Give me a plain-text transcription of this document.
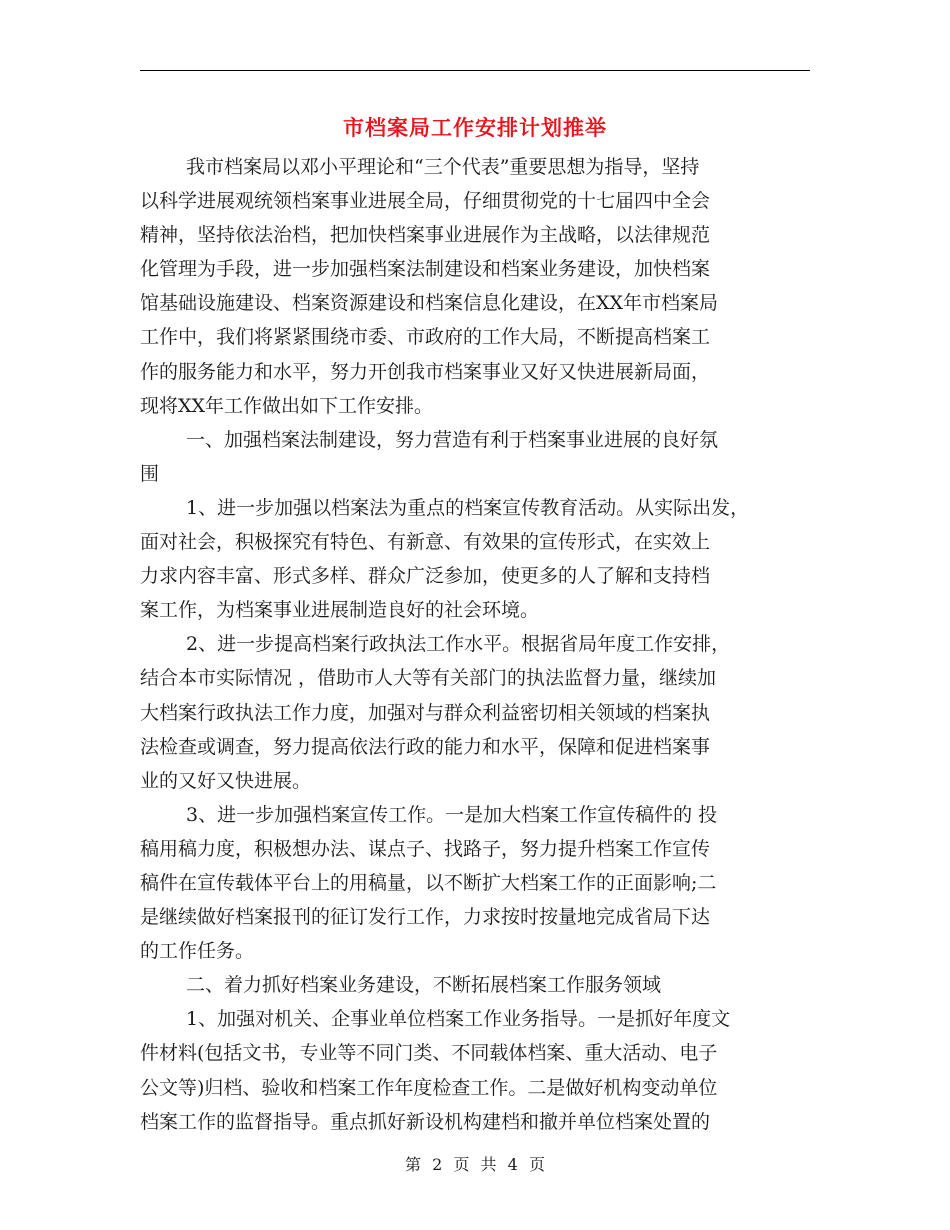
市档案局工作安排计划推举
我市档案局以邓小平理论和“三个代表”重要思想为指导，坚持
以科学进展观统领档案事业进展全局，仔细贯彻党的十七届四中全会
精神，坚持依法治档，把加快档案事业进展作为主战略，以法律规范
化管理为手段，进一步加强档案法制建设和档案业务建设，加快档案
馆基础设施建设、档案资源建设和档案信息化建设，在XX年市档案局
工作中，我们将紧紧围绕市委、市政府的工作大局，不断提高档案工
作的服务能力和水平，努力开创我市档案事业又好又快进展新局面，
现将XX年工作做出如下工作安排。
一、加强档案法制建设，努力营造有利于档案事业进展的良好氛
围
1、进一步加强以档案法为重点的档案宣传教育活动。从实际出发，
面对社会，积极探究有特色、有新意、有效果的宣传形式，在实效上
力求内容丰富、形式多样、群众广泛参加，使更多的人了解和支持档
案工作，为档案事业进展制造良好的社会环境。
2、进一步提高档案行政执法工作水平。根据省局年度工作安排，
结合本市实际情况 ，借助市人大等有关部门的执法监督力量，继续加
大档案行政执法工作力度，加强对与群众利益密切相关领域的档案执
法检查或调查，努力提高依法行政的能力和水平，保障和促进档案事
业的又好又快进展。
3、进一步加强档案宣传工作。一是加大档案工作宣传稿件的 投
稿用稿力度，积极想办法、谋点子、找路子，努力提升档案工作宣传
稿件在宣传载体平台上的用稿量，以不断扩大档案工作的正面影响;二
是继续做好档案报刊的征订发行工作，力求按时按量地完成省局下达
的工作任务。
二、着力抓好档案业务建设，不断拓展档案工作服务领域
1、加强对机关、企事业单位档案工作业务指导。一是抓好年度文
件材料(包括文书，专业等不同门类、不同载体档案、重大活动、电子
公文等)归档、验收和档案工作年度检查工作。二是做好机构变动单位
档案工作的监督指导。重点抓好新设机构建档和撤并单位档案处置的
第 2 页 共 4 页
